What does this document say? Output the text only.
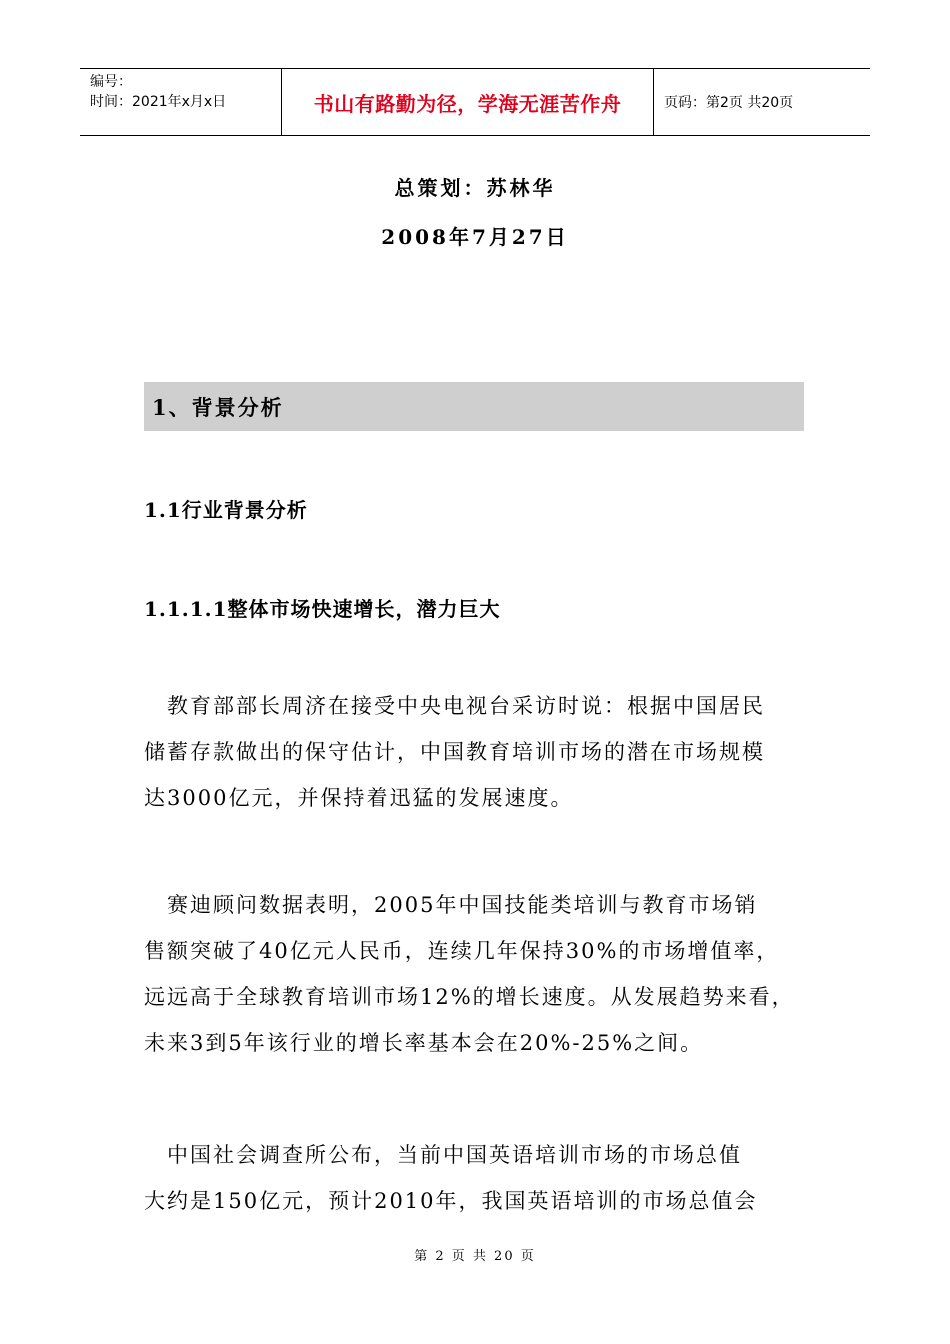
编号：
时间：2021年x月x日	书山有路勤为径，学海无涯苦作舟	页码：第2页 共20页
总策划：苏林华
2008年7月27日
1、背景分析
1.1行业背景分析
1.1.1.1整体市场快速增长，潜力巨大
　教育部部长周济在接受中央电视台采访时说：根据中国居民
储蓄存款做出的保守估计，中国教育培训市场的潜在市场规模
达3000亿元，并保持着迅猛的发展速度。
　赛迪顾问数据表明，2005年中国技能类培训与教育市场销
售额突破了40亿元人民币，连续几年保持30%的市场增值率，
远远高于全球教育培训市场12%的增长速度。从发展趋势来看，
未来3到5年该行业的增长率基本会在20%-25%之间。
　中国社会调查所公布，当前中国英语培训市场的市场总值
大约是150亿元，预计2010年，我国英语培训的市场总值会
第 2 页 共 20 页
